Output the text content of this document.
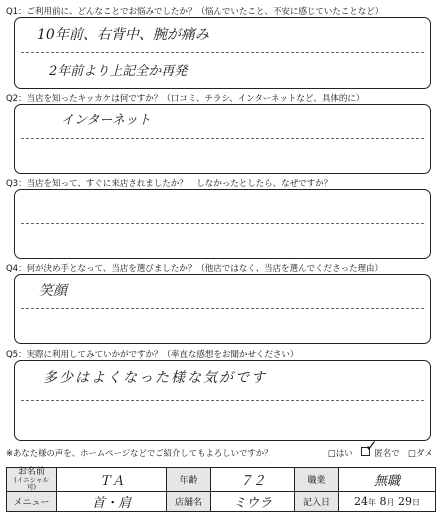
Q1：ご利用前に、どんなことでお悩みでしたか？（悩んでいたこと、不安に感じていたことなど）
10年前、右背中、腕が痛み
2年前より上記全か再発
Q2：当店を知ったキッカケは何ですか？（口コミ、チラシ、インターネットなど、具体的に）
インターネット
Q3：当店を知って、すぐに来店されましたか？　しなかったとしたら、なぜですか？
Q4：何が決め手となって、当店を選びましたか？（他店ではなく、当店を選んでくださった理由）
笑顔
Q5：実際に利用してみていかがですか？（率直な感想をお聞かせください）
多少はよくなった様な気がです
※あなた様の声を、ホームページなどでご紹介してもよろしいですか？	□はい	匿名で □ダメ
✓
お名前
(イニシャル可)	ＴＡ	年齢	７２	職業	無職
メニュー	首・肩	店舗名	ミウラ	記入日	24年 8月 29日
